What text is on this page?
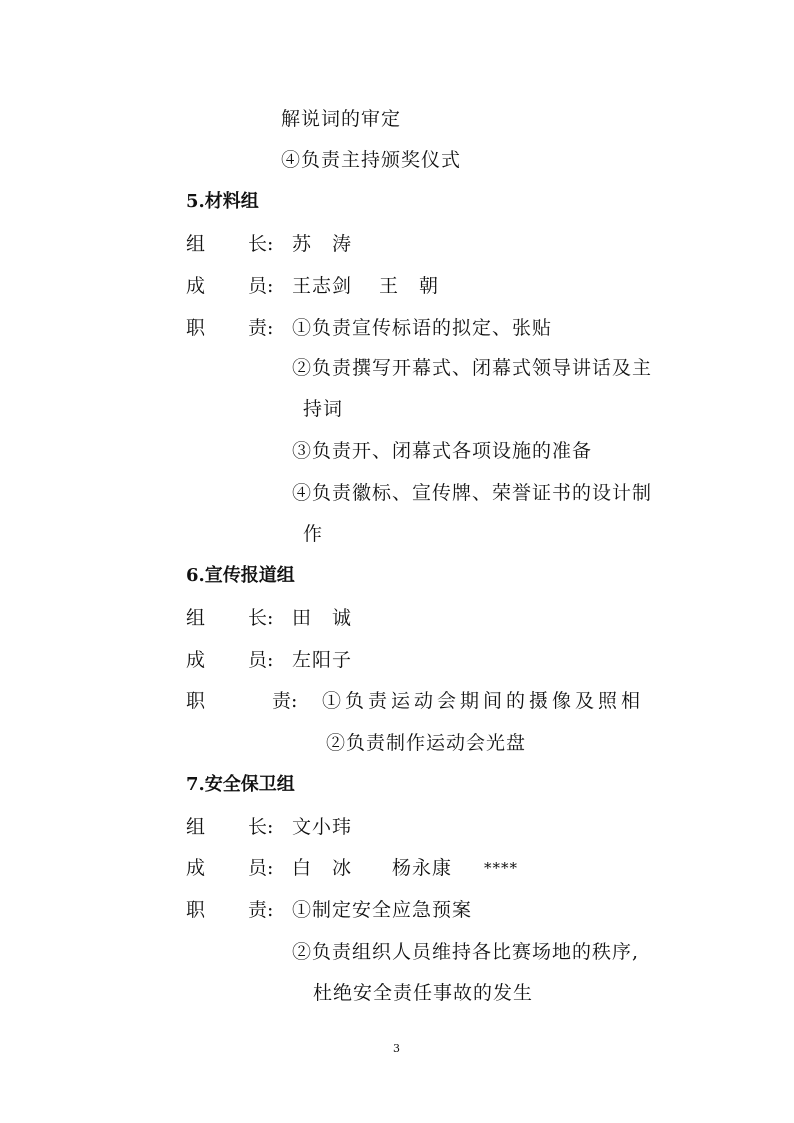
解说词的审定
④负责主持颁奖仪式
5.材料组
组 长: 苏　涛
成 员: 王志剑　 王　朝
职 责: ①负责宣传标语的拟定、张贴
②负责撰写开幕式、闭幕式领导讲话及主
持词
③负责开、闭幕式各项设施的准备
④负责徽标、宣传牌、荣誉证书的设计制
作
6.宣传报道组
组 长: 田　诚
成 员: 左阳子
职	责: ①负责运动会期间的摄像及照相
②负责制作运动会光盘
7.安全保卫组
组 长: 文小玮
成 员: 白　冰　　杨永康 ****
职 责: ①制定安全应急预案
②负责组织人员维持各比赛场地的秩序,
杜绝安全责任事故的发生
3
